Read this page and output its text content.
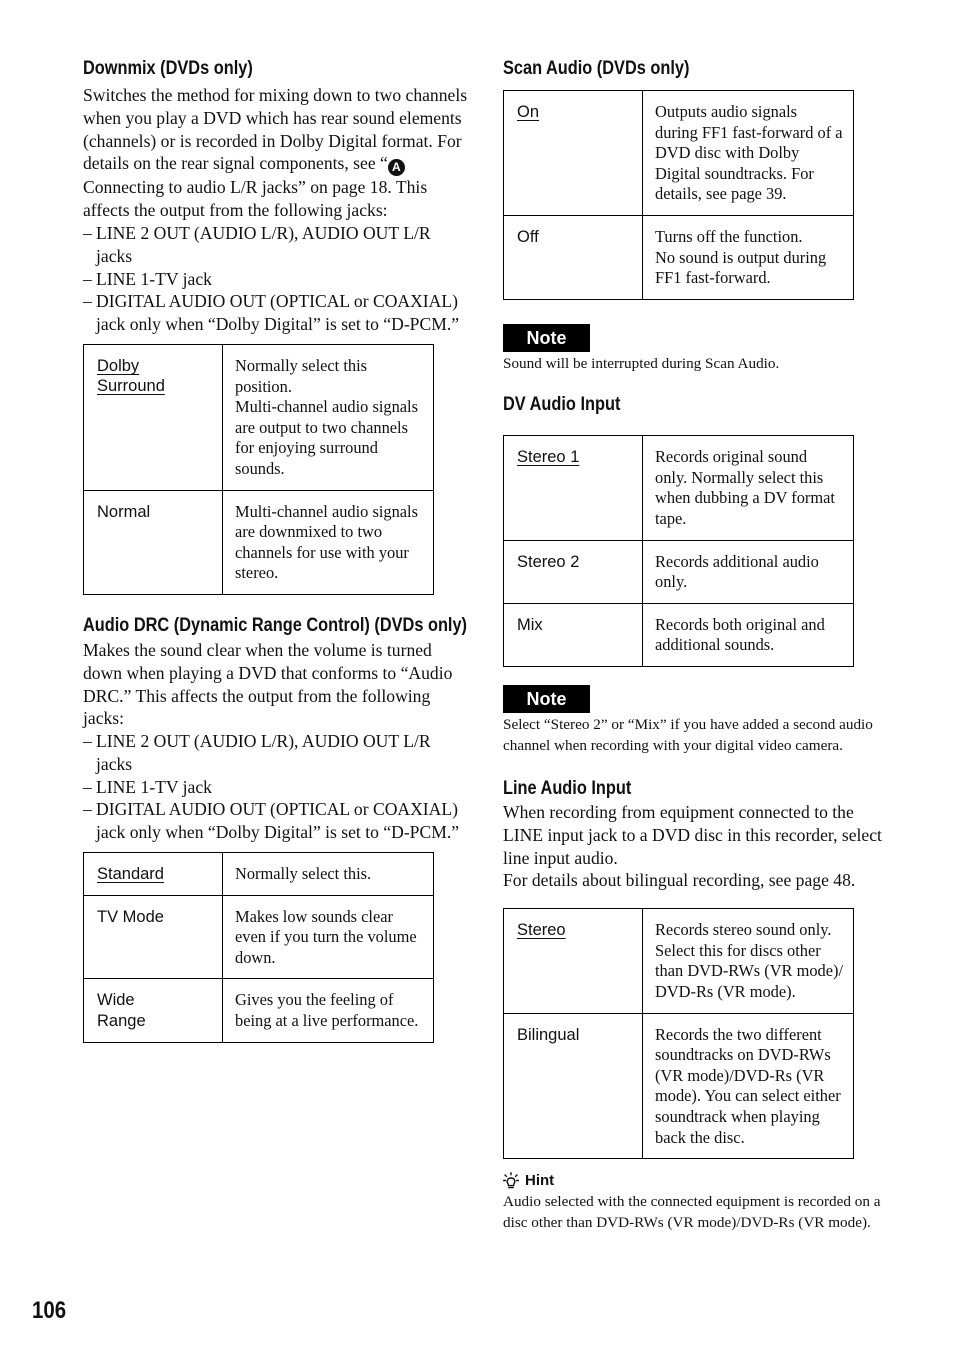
Downmix (DVDs only)

Switches the method for mixing down to two channels when you play a DVD which has rear sound elements (channels) or is recorded in Dolby Digital format. For details on the rear signal components, see “ A Connecting to audio L/R jacks” on page 18. This affects the output from the following jacks:

– LINE 2 OUT (AUDIO L/R), AUDIO OUT L/R jacks
– LINE 1-TV jack
– DIGITAL AUDIO OUT (OPTICAL or COAXIAL) jack only when “Dolby Digital” is set to “D-PCM.”
Dolby
Surround	Normally select this position.
Multi-channel audio signals are output to two channels for enjoying surround sounds.
Normal	Multi-channel audio signals are downmixed to two channels for use with your stereo.
Audio DRC (Dynamic Range Control) (DVDs only)

Makes the sound clear when the volume is turned down when playing a DVD that conforms to “Audio DRC.” This affects the output from the following jacks:

– LINE 2 OUT (AUDIO L/R), AUDIO OUT L/R jacks
– LINE 1-TV jack
– DIGITAL AUDIO OUT (OPTICAL or COAXIAL) jack only when “Dolby Digital” is set to “D-PCM.”
Standard	Normally select this.
TV Mode	Makes low sounds clear even if you turn the volume down.
Wide
Range	Gives you the feeling of being at a live performance.
Scan Audio (DVDs only)
On	Outputs audio signals during FF1 fast-forward of a DVD disc with Dolby Digital soundtracks. For details, see page 39.
Off	Turns off the function.
No sound is output during FF1 fast-forward.
Note

Sound will be interrupted during Scan Audio.

DV Audio Input
Stereo 1	Records original sound only. Normally select this when dubbing a DV format tape.
Stereo 2	Records additional audio only.
Mix	Records both original and additional sounds.
Note

Select “Stereo 2” or “Mix” if you have added a second audio channel when recording with your digital video camera.

Line Audio Input

When recording from equipment connected to the LINE input jack to a DVD disc in this recorder, select line input audio.

For details about bilingual recording, see page 48.

Stereo	Records stereo sound only. Select this for discs other than DVD-RWs (VR mode)/ DVD-Rs (VR mode).
Bilingual	Records the two different soundtracks on DVD-RWs (VR mode)/DVD-Rs (VR mode). You can select either soundtrack when playing back the disc.
Hint

Audio selected with the connected equipment is recorded on a disc other than DVD-RWs (VR mode)/DVD-Rs (VR mode).

106
